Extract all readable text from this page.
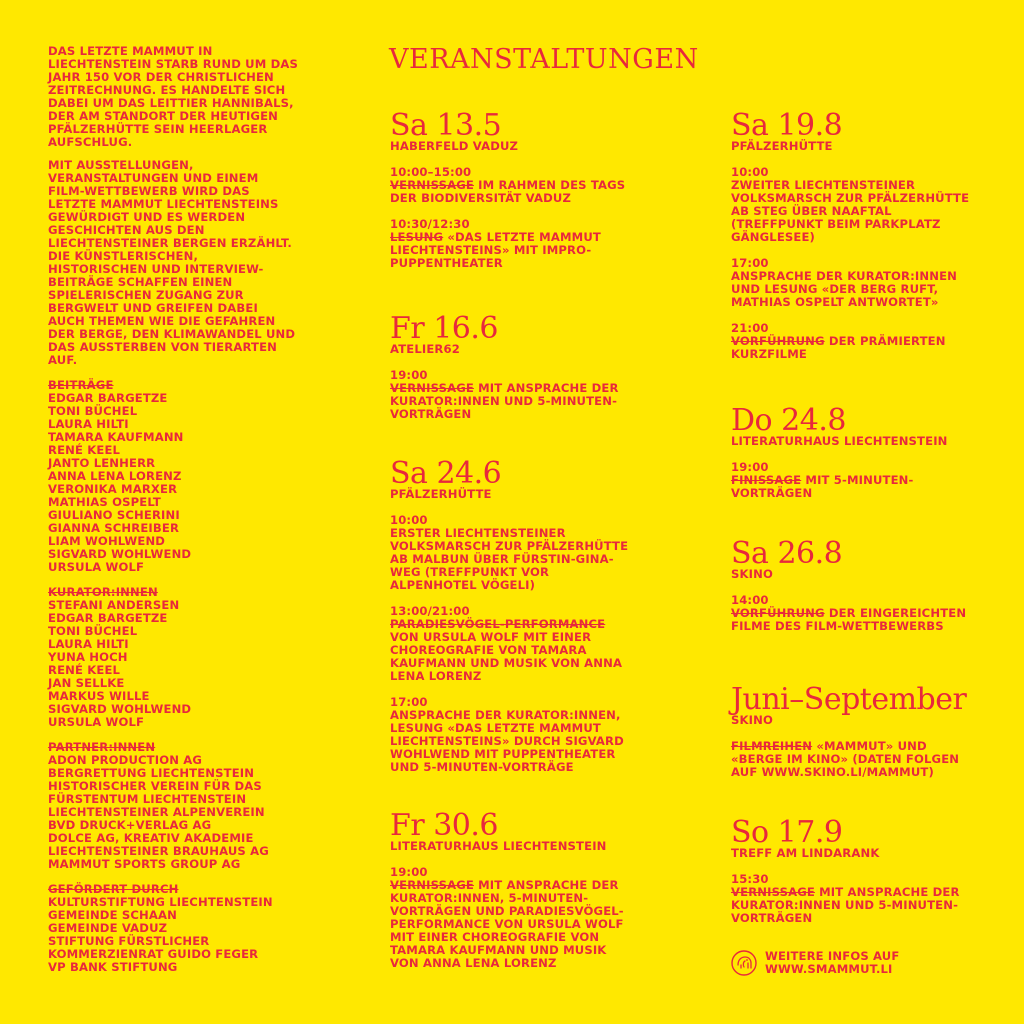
DAS LETZTE MAMMUT IN LIECHTENSTEIN STARB RUND UM DAS JAHR 150 VOR DER CHRISTLICHEN ZEITRECHNUNG. ES HANDELTE SICH DABEI UM DAS LEITTIER HANNIBALS, DER AM STANDORT DER HEUTIGEN PFÄLZERHÜTTE SEIN HEERLAGER AUFSCHLUG.

MIT AUSSTELLUNGEN, VERANSTALTUNGEN UND EINEM FILM-WETTBEWERB WIRD DAS LETZTE MAMMUT LIECHTENSTEINS GEWÜRDIGT UND ES WERDEN GESCHICHTEN AUS DEN LIECHTENSTEINER BERGEN ERZÄHLT. DIE KÜNSTLERISCHEN, HISTORISCHEN UND INTERVIEW-BEITRÄGE SCHAFFEN EINEN SPIELERISCHEN ZUGANG ZUR BERGWELT UND GREIFEN DABEI AUCH THEMEN WIE DIE GEFAHREN DER BERGE, DEN KLIMAWANDEL UND DAS AUSSTERBEN VON TIERARTEN AUF.

BEITRÄGE
EDGAR BARGETZE
TONI BÜCHEL
LAURA HILTI
TAMARA KAUFMANN
RENÉ KEEL
JANTO LENHERR
ANNA LENA LORENZ
VERONIKA MARXER
MATHIAS OSPELT
GIULIANO SCHERINI
GIANNA SCHREIBER
LIAM WOHLWEND
SIGVARD WOHLWEND
URSULA WOLF
KURATOR:INNEN
STEFANI ANDERSEN
EDGAR BARGETZE
TONI BÜCHEL
LAURA HILTI
YUNA HOCH
RENÉ KEEL
JAN SELLKE
MARKUS WILLE
SIGVARD WOHLWEND
URSULA WOLF
PARTNER:INNEN
ADON PRODUCTION AG
BERGRETTUNG LIECHTENSTEIN
HISTORISCHER VEREIN FÜR DAS FÜRSTENTUM LIECHTENSTEIN
LIECHTENSTEINER ALPENVEREIN
BVD DRUCK+VERLAG AG
DOLCE AG, KREATIV AKADEMIE
LIECHTENSTEINER BRAUHAUS AG
MAMMUT SPORTS GROUP AG
GEFÖRDERT DURCH
KULTURSTIFTUNG LIECHTENSTEIN
GEMEINDE SCHAAN
GEMEINDE VADUZ
STIFTUNG FÜRSTLICHER KOMMERZIENRAT GUIDO FEGER
VP BANK STIFTUNG
VERANSTALTUNGEN
Sa 13.5
HABERFELD VADUZ
10:00–15:00
VERNISSAGE IM RAHMEN DES TAGS DER BIODIVERSITÄT VADUZ
10:30/12:30
LESUNG «DAS LETZTE MAMMUT LIECHTENSTEINS» MIT IMPRO-PUPPENTHEATER
Fr 16.6
ATELIER62
19:00
VERNISSAGE MIT ANSPRACHE DER KURATOR:INNEN UND 5-MINUTEN-VORTRÄGEN
Sa 24.6
PFÄLZERHÜTTE
10:00
ERSTER LIECHTENSTEINER VOLKSMARSCH ZUR PFÄLZERHÜTTE AB MALBUN ÜBER FÜRSTIN-GINA-WEG (TREFFPUNKT VOR ALPENHOTEL VÖGELI)
13:00/21:00
PARADIESVÖGEL-PERFORMANCE VON URSULA WOLF MIT EINER CHOREOGRAFIE VON TAMARA KAUFMANN UND MUSIK VON ANNA LENA LORENZ
17:00
ANSPRACHE DER KURATOR:INNEN, LESUNG «DAS LETZTE MAMMUT LIECHTENSTEINS» DURCH SIGVARD WOHLWEND MIT PUPPENTHEATER UND 5-MINUTEN-VORTRÄGE
Fr 30.6
LITERATURHAUS LIECHTENSTEIN
19:00
VERNISSAGE MIT ANSPRACHE DER KURATOR:INNEN, 5-MINUTEN-VORTRÄGEN UND PARADIESVÖGEL-PERFORMANCE VON URSULA WOLF MIT EINER CHOREOGRAFIE VON TAMARA KAUFMANN UND MUSIK VON ANNA LENA LORENZ
Sa 19.8
PFÄLZERHÜTTE
10:00
ZWEITER LIECHTENSTEINER VOLKSMARSCH ZUR PFÄLZERHÜTTE AB STEG ÜBER NAAFTAL (TREFFPUNKT BEIM PARKPLATZ GÄNGLESEE)
17:00
ANSPRACHE DER KURATOR:INNEN UND LESUNG «DER BERG RUFT, MATHIAS OSPELT ANTWORTET»
21:00
VORFÜHRUNG DER PRÄMIERTEN KURZFILME
Do 24.8
LITERATURHAUS LIECHTENSTEIN
19:00
FINISSAGE MIT 5-MINUTEN-VORTRÄGEN
Sa 26.8
SKINO
14:00
VORFÜHRUNG DER EINGEREICHTEN FILME DES FILM-WETTBEWERBS
Juni–September
SKINO
FILMREIHEN «MAMMUT» UND «BERGE IM KINO» (DATEN FOLGEN AUF WWW.SKINO.LI/MAMMUT)
So 17.9
TREFF AM LINDARANK
15:30
VERNISSAGE MIT ANSPRACHE DER KURATOR:INNEN UND 5-MINUTEN-VORTRÄGEN
WEITERE INFOS AUF
WWW.SMAMMUT.LI
